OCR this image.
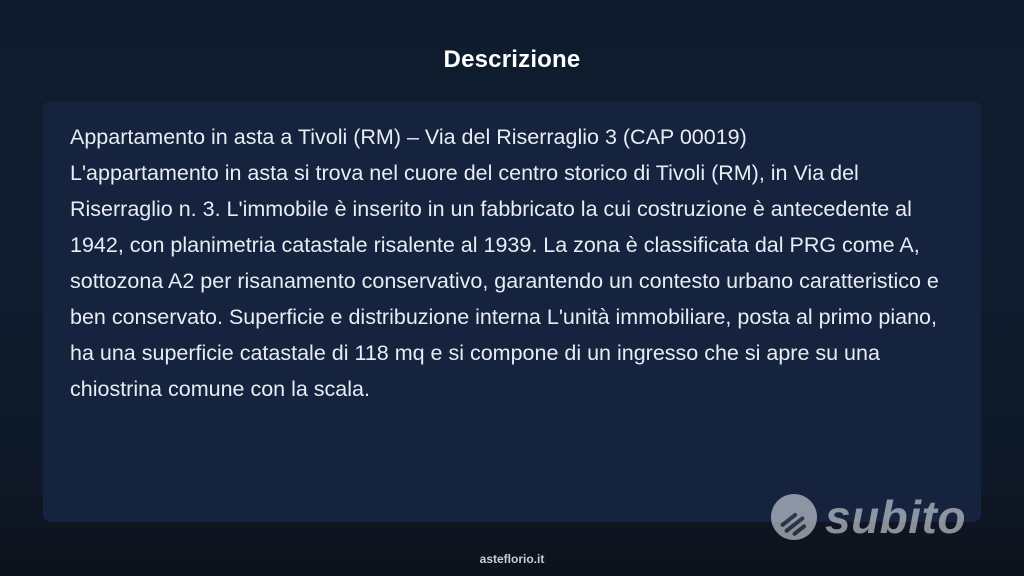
Descrizione

Appartamento in asta a Tivoli (RM) – Via del Riserraglio 3 (CAP 00019)
L'appartamento in asta si trova nel cuore del centro storico di Tivoli (RM), in Via del Riserraglio n. 3. L'immobile è inserito in un fabbricato la cui costruzione è antecedente al 1942, con planimetria catastale risalente al 1939. La zona è classificata dal PRG come A, sottozona A2 per risanamento conservativo, garantendo un contesto urbano caratteristico e ben conservato. Superficie e distribuzione interna L'unità immobiliare, posta al primo piano, ha una superficie catastale di 118 mq e si compone di un ingresso che si apre su una chiostrina comune con la scala.

subito
asteflorio.it
